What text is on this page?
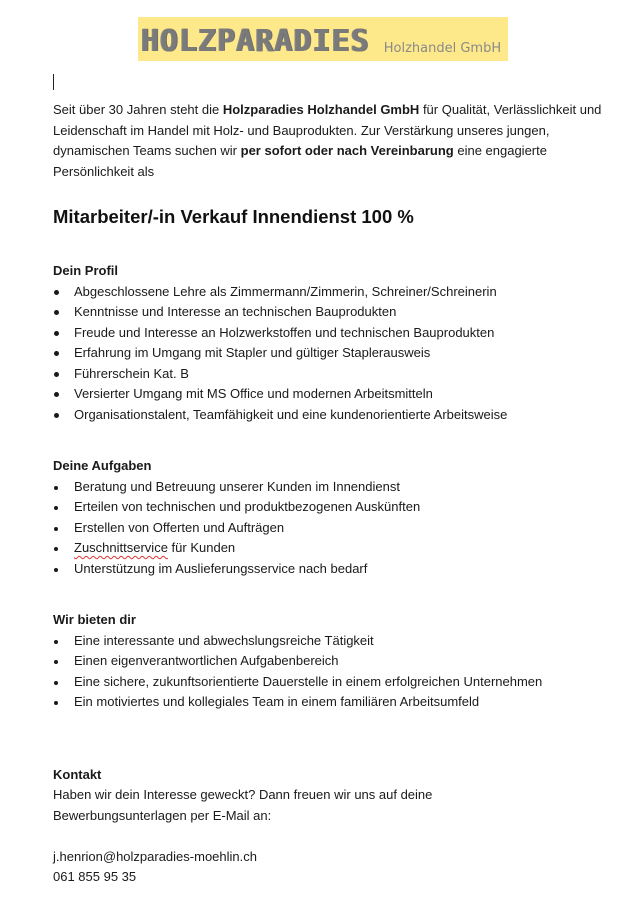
HOLZPARADIES Holzhandel GmbH

Seit über 30 Jahren steht die Holzparadies Holzhandel GmbH für Qualität, Verlässlichkeit und Leidenschaft im Handel mit Holz- und Bauprodukten. Zur Verstärkung unseres jungen, dynamischen Teams suchen wir per sofort oder nach Vereinbarung eine engagierte Persönlichkeit als

Mitarbeiter/-in Verkauf Innendienst 100 %

Dein Profil

Abgeschlossene Lehre als Zimmermann/Zimmerin, Schreiner/Schreinerin
Kenntnisse und Interesse an technischen Bauprodukten
Freude und Interesse an Holzwerkstoffen und technischen Bauprodukten
Erfahrung im Umgang mit Stapler und gültiger Staplerausweis
Führerschein Kat. B
Versierter Umgang mit MS Office und modernen Arbeitsmitteln
Organisationstalent, Teamfähigkeit und eine kundenorientierte Arbeitsweise

Deine Aufgaben

Beratung und Betreuung unserer Kunden im Innendienst
Erteilen von technischen und produktbezogenen Auskünften
Erstellen von Offerten und Aufträgen
Zuschnittservice für Kunden
Unterstützung im Auslieferungsservice nach bedarf

Wir bieten dir

Eine interessante und abwechslungsreiche Tätigkeit
Einen eigenverantwortlichen Aufgabenbereich
Eine sichere, zukunftsorientierte Dauerstelle in einem erfolgreichen Unternehmen
Ein motiviertes und kollegiales Team in einem familiären Arbeitsumfeld

Kontakt

Haben wir dein Interesse geweckt? Dann freuen wir uns auf deine Bewerbungsunterlagen per E-Mail an:

j.henrion@holzparadies-moehlin.ch
061 855 95 35
